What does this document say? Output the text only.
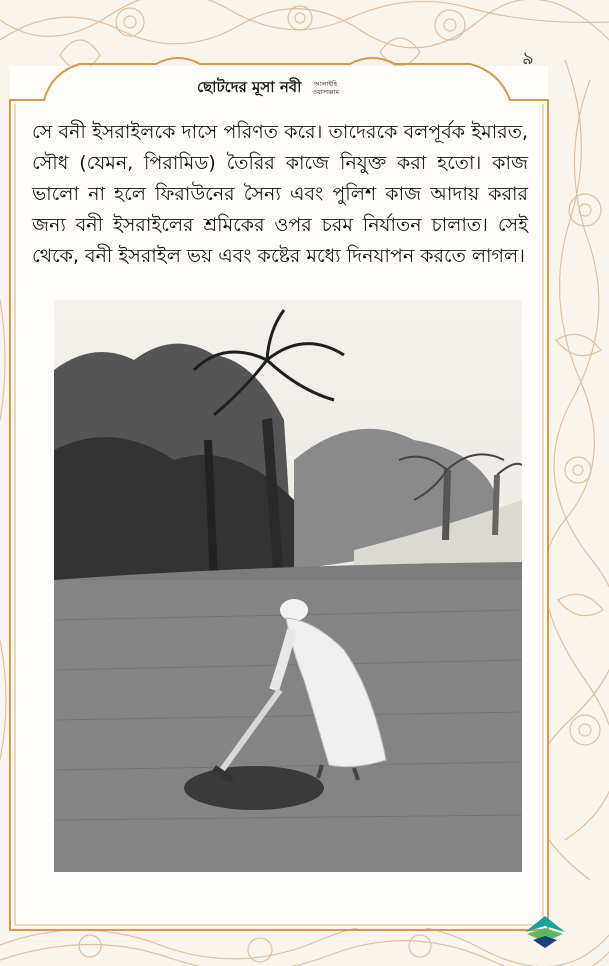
ছোটদের মূসা নবী আলাইহি
ওয়াসাল্লাম
৯

সে বনী ইসরাইলকে দাসে পরিণত করে। তাদেরকে বলপূর্বক ইমারত, সৌধ (যেমন, পিরামিড) তৈরির কাজে নিযুক্ত করা হতো। কাজ ভালো না হলে ফিরাউনের সৈন্য এবং পুলিশ কাজ আদায় করার জন্য বনী ইসরাইলের শ্রমিকের ওপর চরম নির্যাতন চালাত। সেই থেকে, বনী ইসরাইল ভয় এবং কষ্টের মধ্যে দিনযাপন করতে লাগল।
